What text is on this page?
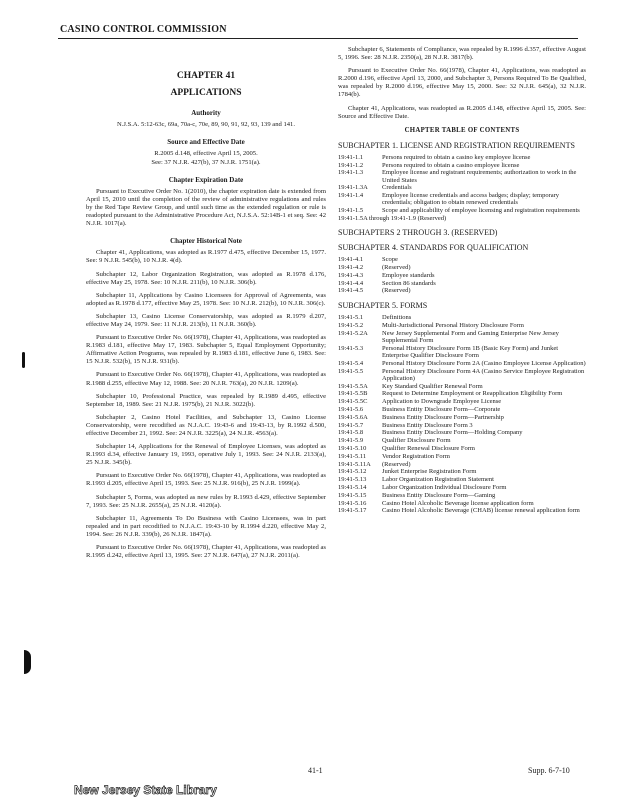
CASINO CONTROL COMMISSION
CHAPTER 41
APPLICATIONS
Authority

N.J.S.A. 5:12-63c, 69a, 70a-c, 70e, 89, 90, 91, 92, 93, 139 and 141.

Source and Effective Date

R.2005 d.148, effective April 15, 2005.

See: 37 N.J.R. 427(b), 37 N.J.R. 1751(a).

Chapter Expiration Date

Pursuant to Executive Order No. 1(2010), the chapter expiration date is extended from April 15, 2010 until the completion of the review of administrative regulations and rules by the Red Tape Review Group, and until such time as the extended regulation or rule is readopted pursuant to the Administrative Procedure Act, N.J.S.A. 52:14B-1 et seq. See: 42 N.J.R. 1017(a).

Chapter Historical Note

Chapter 41, Applications, was adopted as R.1977 d.475, effective December 15, 1977. See: 9 N.J.R. 545(b), 10 N.J.R. 4(d).

Subchapter 12, Labor Organization Registration, was adopted as R.1978 d.176, effective May 25, 1978. See: 10 N.J.R. 211(b), 10 N.J.R. 306(b).

Subchapter 11, Applications by Casino Licensees for Approval of Agreements, was adopted as R.1978 d.177, effective May 25, 1978. See: 10 N.J.R. 212(b), 10 N.J.R. 306(c).

Subchapter 13, Casino License Conservatorship, was adopted as R.1979 d.207, effective May 24, 1979. See: 11 N.J.R. 213(b), 11 N.J.R. 360(b).

Pursuant to Executive Order No. 66(1978), Chapter 41, Applications, was readopted as R.1983 d.181, effective May 17, 1983. Subchapter 5, Equal Employment Opportunity; Affirmative Action Programs, was repealed by R.1983 d.181, effective June 6, 1983. See: 15 N.J.R. 532(b), 15 N.J.R. 931(b).

Pursuant to Executive Order No. 66(1978), Chapter 41, Applications, was readopted as R.1988 d.255, effective May 12, 1988. See: 20 N.J.R. 763(a), 20 N.J.R. 1209(a).

Subchapter 10, Professional Practice, was repealed by R.1989 d.495, effective September 18, 1989. See: 21 N.J.R. 1975(b), 21 N.J.R. 3022(b).

Subchapter 2, Casino Hotel Facilities, and Subchapter 13, Casino License Conservatorship, were recodified as N.J.A.C. 19:43-6 and 19:43-13, by R.1992 d.500, effective December 21, 1992. See: 24 N.J.R. 3225(a), 24 N.J.R. 4563(a).

Subchapter 14, Applications for the Renewal of Employee Licenses, was adopted as R.1993 d.34, effective January 19, 1993, operative July 1, 1993. See: 24 N.J.R. 2133(a), 25 N.J.R. 345(b).

Pursuant to Executive Order No. 66(1978), Chapter 41, Applications, was readopted as R.1993 d.205, effective April 15, 1993. See: 25 N.J.R. 916(b), 25 N.J.R. 1999(a).

Subchapter 5, Forms, was adopted as new rules by R.1993 d.429, effective September 7, 1993. See: 25 N.J.R. 2655(a), 25 N.J.R. 4120(a).

Subchapter 11, Agreements To Do Business with Casino Licensees, was in part repealed and in part recodified to N.J.A.C. 19:43-10 by R.1994 d.220, effective May 2, 1994. See: 26 N.J.R. 339(b), 26 N.J.R. 1847(a).

Pursuant to Executive Order No. 66(1978), Chapter 41, Applications, was readopted as R.1995 d.242, effective April 13, 1995. See: 27 N.J.R. 647(a), 27 N.J.R. 2011(a).

Subchapter 6, Statements of Compliance, was repealed by R.1996 d.357, effective August 5, 1996. See: 28 N.J.R. 2350(a), 28 N.J.R. 3817(b).

Pursuant to Executive Order No. 66(1978), Chapter 41, Applications, was readopted as R.2000 d.196, effective April 13, 2000, and Subchapter 3, Persons Required To Be Qualified, was repealed by R.2000 d.196, effective May 15, 2000. See: 32 N.J.R. 645(a), 32 N.J.R. 1784(b).

Chapter 41, Applications, was readopted as R.2005 d.148, effective April 15, 2005. See: Source and Effective Date.

CHAPTER TABLE OF CONTENTS
SUBCHAPTER 1. LICENSE AND REGISTRATION REQUIREMENTS
19:41-1.1	Persons required to obtain a casino key employee license
19:41-1.2	Persons required to obtain a casino employee license
19:41-1.3	Employee license and registrant requirements; authorization to work in the United States
19:41-1.3A	Credentials
19:41-1.4	Employee license credentials and access badges; display; temporary credentials; obligation to obtain renewed credentials
19:41-1.5	Scope and applicability of employee licensing and registration requirements

19:41-1.5A through 19:41-1.9 (Reserved)

SUBCHAPTERS 2 THROUGH 3. (RESERVED)
SUBCHAPTER 4. STANDARDS FOR QUALIFICATION
19:41-4.1	Scope
19:41-4.2	(Reserved)
19:41-4.3	Employee standards
19:41-4.4	Section 86 standards
19:41-4.5	(Reserved)
SUBCHAPTER 5. FORMS
19:41-5.1	Definitions
19:41-5.2	Multi-Jurisdictional Personal History Disclosure Form
19:41-5.2A	New Jersey Supplemental Form and Gaming Enterprise New Jersey Supplemental Form
19:41-5.3	Personal History Disclosure Form 1B (Basic Key Form) and Junket Enterprise Qualifier Disclosure Form
19:41-5.4	Personal History Disclosure Form 2A (Casino Employee License Application)
19:41-5.5	Personal History Disclosure Form 4A (Casino Service Employee Registration Application)
19:41-5.5A	Key Standard Qualifier Renewal Form
19:41-5.5B	Request to Determine Employment or Reapplication Eligibility Form
19:41-5.5C	Application to Downgrade Employee License
19:41-5.6	Business Entity Disclosure Form—Corporate
19:41-5.6A	Business Entity Disclosure Form—Partnership
19:41-5.7	Business Entity Disclosure Form 3
19:41-5.8	Business Entity Disclosure Form—Holding Company
19:41-5.9	Qualifier Disclosure Form
19:41-5.10	Qualifier Renewal Disclosure Form
19:41-5.11	Vendor Registration Form
19:41-5.11A	(Reserved)
19:41-5.12	Junket Enterprise Registration Form
19:41-5.13	Labor Organization Registration Statement
19:41-5.14	Labor Organization Individual Disclosure Form
19:41-5.15	Business Entity Disclosure Form—Gaming
19:41-5.16	Casino Hotel Alcoholic Beverage license application form
19:41-5.17	Casino Hotel Alcoholic Beverage (CHAB) license renewal application form
41-1	Supp. 6-7-10
New Jersey State Library
